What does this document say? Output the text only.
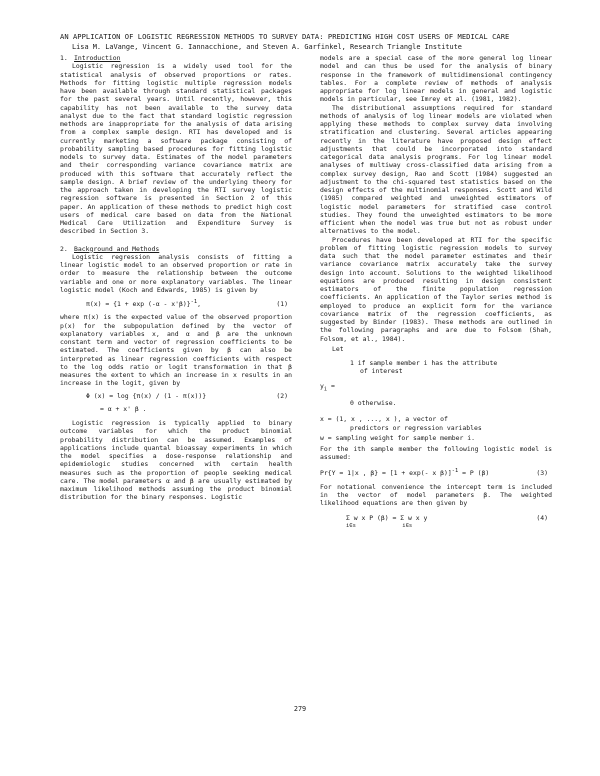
AN APPLICATION OF LOGISTIC REGRESSION METHODS TO SURVEY DATA: PREDICTING HIGH COST USERS OF MEDICAL CARE
Lisa M. LaVange, Vincent G. Iannacchione, and Steven A. Garfinkel, Research Triangle Institute

1. Introduction

Logistic regression is a widely used tool for the statistical analysis of observed proportions or rates. Methods for fitting logistic multiple regression models have been available through standard statistical packages for the past several years. Until recently, however, this capability has not been available to the survey data analyst due to the fact that standard logistic regression methods are inappropriate for the analysis of data arising from a complex sample design. RTI has developed and is currently marketing a software package consisting of probability sampling based procedures for fitting logistic models to survey data. Estimates of the model parameters and their corresponding variance covariance matrix are produced with this software that accurately reflect the sample design. A brief review of the underlying theory for the approach taken in developing the RTI survey logistic regression software is presented in Section 2 of this paper. An application of these methods to predict high cost users of medical care based on data from the National Medical Care Utilization and Expenditure Survey is described in Section 3.

2. Background and Methods

Logistic regression analysis consists of fitting a linear logistic model to an observed proportion or rate in order to measure the relationship between the outcome variable and one or more explanatory variables. The linear logistic model (Koch and Edwards, 1985) is given by

$\pi(x) = \{1 + \exp (-\alpha - x'\beta)\}^{-1}$,	(1)

where π(x) is the expected value of the observed proportion p(x) for the subpopulation defined by the vector of explanatory variables x, and α and β are the unknown constant term and vector of regression coefficients to be estimated. The coefficients given by β can also be interpreted as linear regression coefficients with respect to the log odds ratio or logit transformation in that β measures the extent to which an increase in x results in an increase in the logit, given by

Φ (x) = log {π(x) / (1 - π(x))}	(2)
= α + x' β .

Logistic regression is typically applied to binary outcome variables for which the product binomial probability distribution can be assumed. Examples of applications include quantal bioassay experiments in which the model specifies a dose-response relationship and epidemiologic studies concerned with certain health measures such as the proportion of people seeking medical care. The model parameters α and β are usually estimated by maximum likelihood methods assuming the product binomial distribution for the binary responses. Logistic

models are a special case of the more general log linear model and can thus be used for the analysis of binary response in the framework of multidimensional contingency tables. For a complete review of methods of analysis appropriate for log linear models in general and logistic models in particular, see Imrey et al. (1981, 1982).

The distributional assumptions required for standard methods of analysis of log linear models are violated when applying these methods to complex survey data involving stratification and clustering. Several articles appearing recently in the literature have proposed design effect adjustments that could be incorporated into standard categorical data analysis programs. For log linear model analyses of multiway cross-classified data arising from a complex survey design, Rao and Scott (1984) suggested an adjustment to the chi-squared test statistics based on the design effects of the multinomial responses. Scott and Wild (1985) compared weighted and unweighted estimators of logistic model parameters for stratified case control studies. They found the unweighted estimators to be more efficient when the model was true but not as robust under alternatives to the model.

Procedures have been developed at RTI for the specific problem of fitting logistic regression models to survey data such that the model parameter estimates and their variance covariance matrix accurately take the survey design into account. Solutions to the weighted likelihood equations are produced resulting in design consistent estimators of the finite population regression coefficients. An application of the Taylor series method is employed to produce an explicit form for the variance covariance matrix of the regression coefficients, as suggested by Binder (1983). These methods are outlined in the following paragraphs and are due to Folsom (Shah, Folsom, et al., 1984).

Let

1 if sample member i has the attribute

of interest

$y_i$ =

0 otherwise.

x = (1, x , ..., x ), a vector of

predictors or regression variables

w = sampling weight for sample member i.

For the ith sample member the following logistic model is assumed:

Pr{Y = 1|x , β} = [1 + exp(- x β)]$^{-1}$ = P (β)	(3)

For notational convenience the intercept term is included in the vector of model parameters β. The weighted likelihood equations are then given by

Σ w x P (β) = Σ w x y	(4)
i∈s              i∈s
279
